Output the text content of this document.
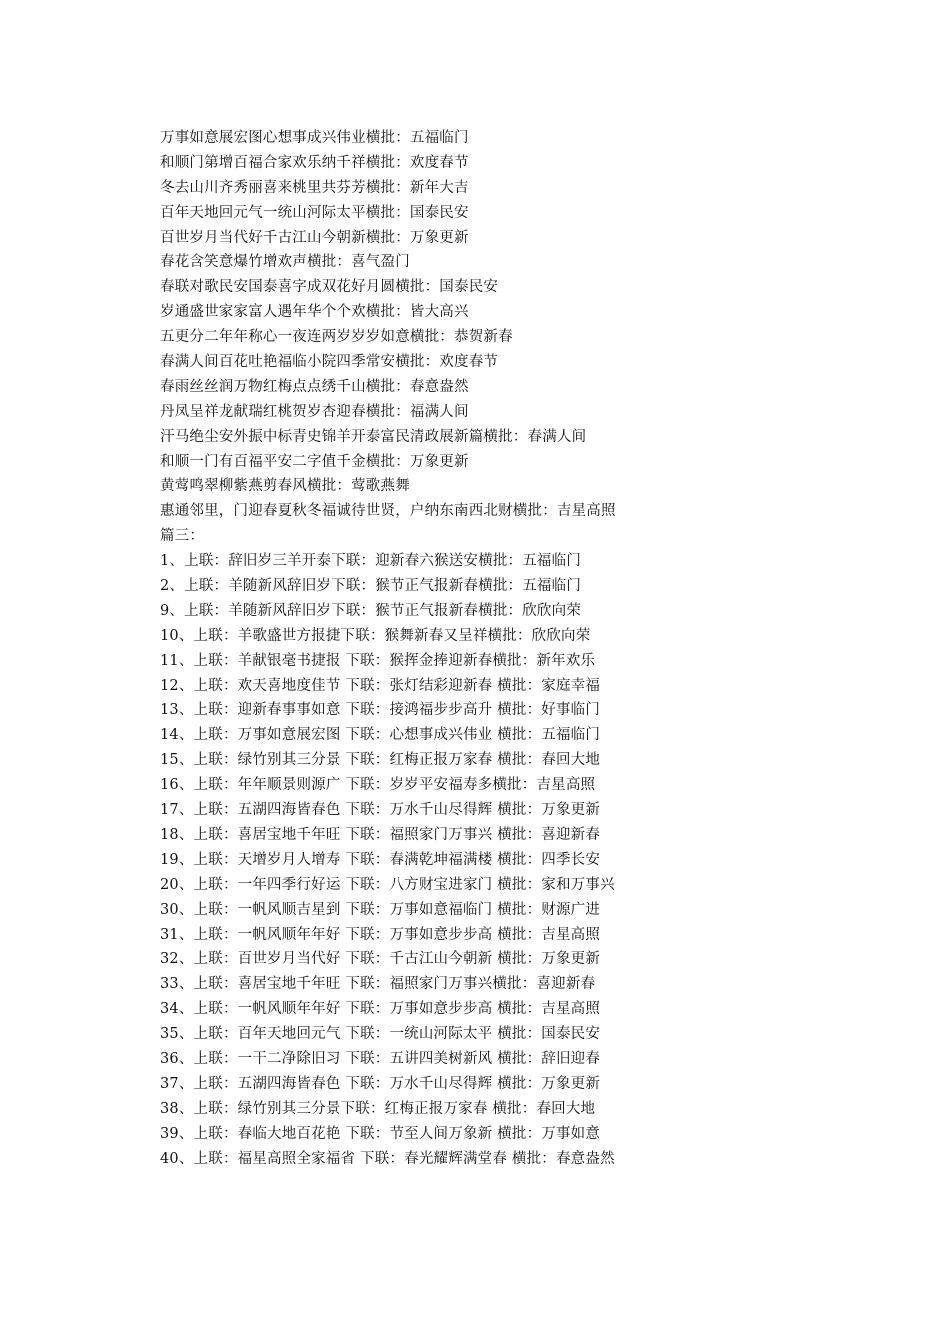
万事如意展宏图心想事成兴伟业横批：五福临门
和顺门第增百福合家欢乐纳千祥横批：欢度春节
冬去山川齐秀丽喜来桃里共芬芳横批：新年大吉
百年天地回元气一统山河际太平横批：国泰民安
百世岁月当代好千古江山今朝新横批：万象更新
春花含笑意爆竹增欢声横批：喜气盈门
春联对歌民安国泰喜字成双花好月圆横批：国泰民安
岁通盛世家家富人遇年华个个欢横批：皆大高兴
五更分二年年称心一夜连两岁岁岁如意横批：恭贺新春
春满人间百花吐艳福临小院四季常安横批：欢度春节
春雨丝丝润万物红梅点点绣千山横批：春意盎然
丹凤呈祥龙献瑞红桃贺岁杏迎春横批：福满人间
汗马绝尘安外振中标青史锦羊开泰富民清政展新篇横批：春满人间
和顺一门有百福平安二字值千金横批：万象更新
黄莺鸣翠柳紫燕剪春风横批：莺歌燕舞
惠通邻里，门迎春夏秋冬福诚待世贤，户纳东南西北财横批：吉星高照
篇三：
1、上联：辞旧岁三羊开泰下联：迎新春六猴送安横批：五福临门
2、上联：羊随新风辞旧岁下联：猴节正气报新春横批：五福临门
9、上联：羊随新风辞旧岁下联：猴节正气报新春横批：欣欣向荣
10、上联：羊歌盛世方报捷下联：猴舞新春又呈祥横批：欣欣向荣
11、上联：羊献银毫书捷报 下联：猴挥金捧迎新春横批：新年欢乐
12、上联：欢天喜地度佳节 下联：张灯结彩迎新春 横批：家庭幸福
13、上联：迎新春事事如意 下联：接鸿福步步高升 横批：好事临门
14、上联：万事如意展宏图 下联：心想事成兴伟业 横批：五福临门
15、上联：绿竹别其三分景 下联：红梅正报万家春 横批：春回大地
16、上联：年年顺景则源广 下联：岁岁平安福寿多横批：吉星高照
17、上联：五湖四海皆春色 下联：万水千山尽得辉 横批：万象更新
18、上联：喜居宝地千年旺 下联：福照家门万事兴 横批：喜迎新春
19、上联：天增岁月人增寿 下联：春满乾坤福满楼 横批：四季长安
20、上联：一年四季行好运 下联：八方财宝进家门 横批：家和万事兴
30、上联：一帆风顺吉星到 下联：万事如意福临门 横批：财源广进
31、上联：一帆风顺年年好 下联：万事如意步步高 横批：吉星高照
32、上联：百世岁月当代好 下联：千古江山今朝新 横批：万象更新
33、上联：喜居宝地千年旺 下联：福照家门万事兴横批：喜迎新春
34、上联：一帆风顺年年好 下联：万事如意步步高 横批：吉星高照
35、上联：百年天地回元气 下联：一统山河际太平 横批：国泰民安
36、上联：一干二净除旧习 下联：五讲四美树新风 横批：辞旧迎春
37、上联：五湖四海皆春色 下联：万水千山尽得辉 横批：万象更新
38、上联：绿竹别其三分景下联：红梅正报万家春 横批：春回大地
39、上联：春临大地百花艳 下联：节至人间万象新 横批：万事如意
40、上联：福星高照全家福省 下联：春光耀辉满堂春 横批：春意盎然
